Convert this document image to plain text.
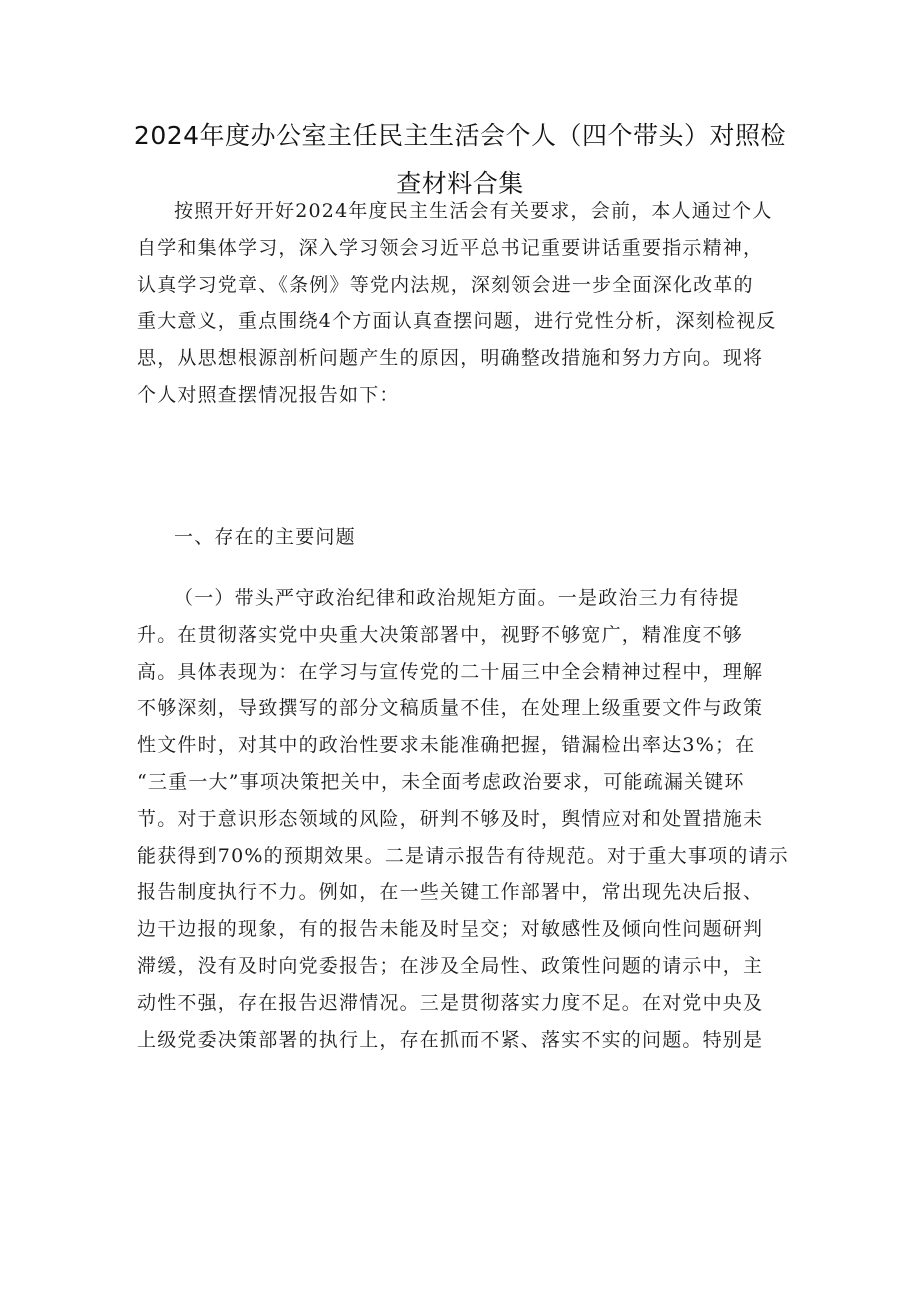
2024年度办公室主任民主生活会个人（四个带头）对照检
查材料合集
按照开好开好2024年度民主生活会有关要求，会前，本人通过个人
自学和集体学习，深入学习领会习近平总书记重要讲话重要指示精神，
认真学习党章、《条例》等党内法规，深刻领会进一步全面深化改革的
重大意义，重点围绕4个方面认真查摆问题，进行党性分析，深刻检视反
思，从思想根源剖析问题产生的原因，明确整改措施和努力方向。现将
个人对照查摆情况报告如下：
一、存在的主要问题
（一）带头严守政治纪律和政治规矩方面。一是政治三力有待提
升。在贯彻落实党中央重大决策部署中，视野不够宽广，精准度不够
高。具体表现为：在学习与宣传党的二十届三中全会精神过程中，理解
不够深刻，导致撰写的部分文稿质量不佳，在处理上级重要文件与政策
性文件时，对其中的政治性要求未能准确把握，错漏检出率达3%；在
“三重一大”事项决策把关中，未全面考虑政治要求，可能疏漏关键环
节。对于意识形态领域的风险，研判不够及时，舆情应对和处置措施未
能获得到70%的预期效果。二是请示报告有待规范。对于重大事项的请示
报告制度执行不力。例如，在一些关键工作部署中，常出现先决后报、
边干边报的现象，有的报告未能及时呈交；对敏感性及倾向性问题研判
滞缓，没有及时向党委报告；在涉及全局性、政策性问题的请示中，主
动性不强，存在报告迟滞情况。三是贯彻落实力度不足。在对党中央及
上级党委决策部署的执行上，存在抓而不紧、落实不实的问题。特别是
